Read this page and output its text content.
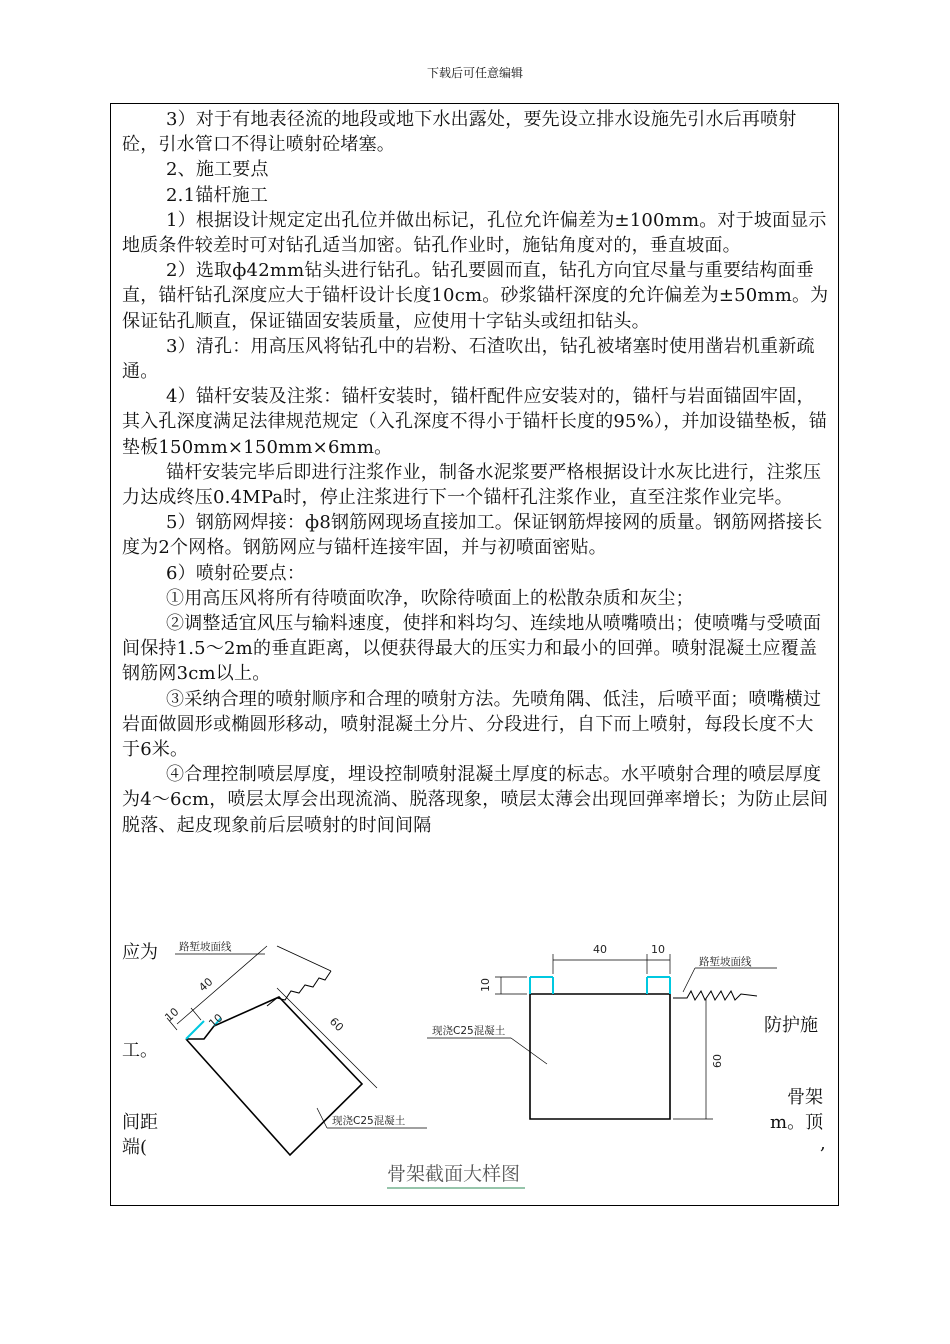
下载后可任意编辑

3）对于有地表径流的地段或地下水出露处，要先设立排水设施先引水后再喷射砼，引水管口不得让喷射砼堵塞。

2、施工要点

2.1锚杆施工

1）根据设计规定定出孔位并做出标记，孔位允许偏差为±100mm。对于坡面显示地质条件较差时可对钻孔适当加密。钻孔作业时，施钻角度对的，垂直坡面。

2）选取ф42mm钻头进行钻孔。钻孔要圆而直，钻孔方向宜尽量与重要结构面垂直，锚杆钻孔深度应大于锚杆设计长度10cm。砂浆锚杆深度的允许偏差为±50mm。为保证钻孔顺直，保证锚固安装质量，应使用十字钻头或纽扣钻头。

3）清孔：用高压风将钻孔中的岩粉、石渣吹出，钻孔被堵塞时使用凿岩机重新疏通。

4）锚杆安装及注浆：锚杆安装时，锚杆配件应安装对的，锚杆与岩面锚固牢固，其入孔深度满足法律规范规定（入孔深度不得小于锚杆长度的95%），并加设锚垫板，锚垫板150mm×150mm×6mm。

锚杆安装完毕后即进行注浆作业，制备水泥浆要严格根据设计水灰比进行，注浆压力达成终压0.4MPa时，停止注浆进行下一个锚杆孔注浆作业，直至注浆作业完毕。

5）钢筋网焊接：ф8钢筋网现场直接加工。保证钢筋焊接网的质量。钢筋网搭接长度为2个网格。钢筋网应与锚杆连接牢固，并与初喷面密贴。

6）喷射砼要点：

①用高压风将所有待喷面吹净，吹除待喷面上的松散杂质和灰尘；

②调整适宜风压与输料速度，使拌和料均匀、连续地从喷嘴喷出；使喷嘴与受喷面间保持1.5～2m的垂直距离，以便获得最大的压实力和最小的回弹。喷射混凝土应覆盖钢筋网3cm以上。

③采纳合理的喷射顺序和合理的喷射方法。先喷角隅、低洼，后喷平面；喷嘴横过岩面做圆形或椭圆形移动，喷射混凝土分片、分段进行，自下而上喷射，每段长度不大于6米。

④合理控制喷层厚度，埋设控制喷射混凝土厚度的标志。水平喷射合理的喷层厚度为4～6cm，喷层太厚会出现流淌、脱落现象，喷层太薄会出现回弹率增长；为防止层间脱落、起皮现象前后层喷射的时间间隔

路堑坡面线
40
60
10 10
现浇C25混凝土
40	10
10
60
路堑坡面线
现浇C25混凝土
骨架截面大样图
应为
防护施
工。
骨架
间距	m。顶
端(	,
